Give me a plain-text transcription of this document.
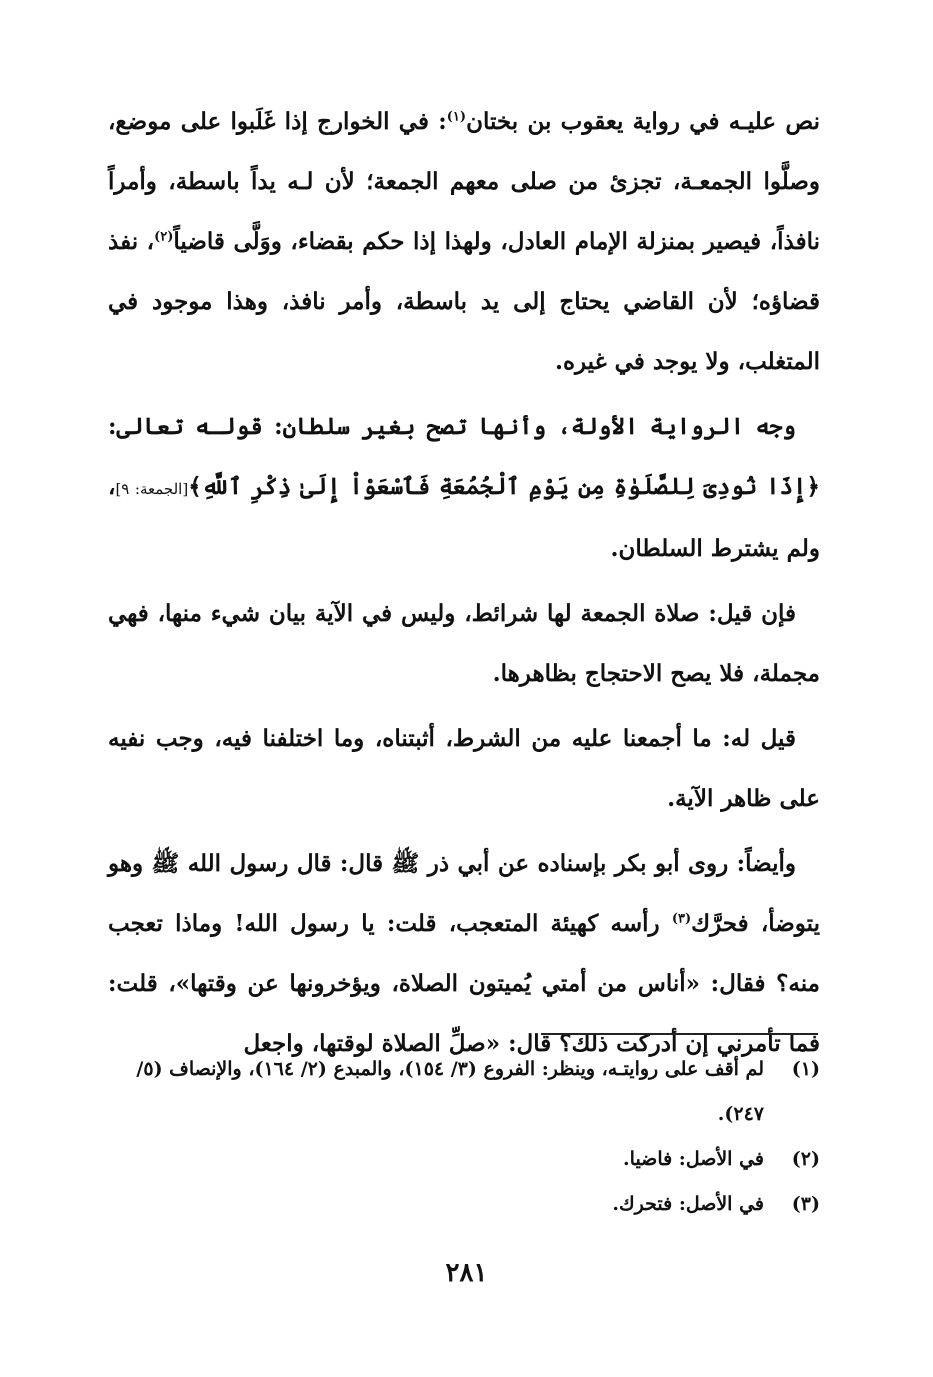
نص عليـه في رواية يعقوب بن بختان$^{(١)}$: في الخوارج إذا غَلَبوا على موضع، وصلَّوا الجمعـة، تجزئ من صلى معهم الجمعة؛ لأن لـه يداً باسطة، وأمراً نافذاً، فيصير بمنزلة الإمام العادل، ولهذا إذا حكم بقضاء، ووَلَّى قاضياً$^{(٢)}$، نفذ قضاؤه؛ لأن القاضي يحتاج إلى يد باسطة، وأمر نافذ، وهذا موجود في المتغلب، ولا يوجد في غيره.

وجه الرواية الأولة، وأنها تصح بغير سلطان: قولـه تعالى: ﴿إِذَا نُودِىَ لِلصَّلَوٰةِ مِن يَوْمِ ٱلْجُمُعَةِ فَٱسْعَوْاْ إِلَىٰ ذِكْرِ ٱللَّهِ﴾[الجمعة: ٩]، ولم يشترط السلطان.

فإن قيل: صلاة الجمعة لها شرائط، وليس في الآية بيان شيء منها، فهي مجملة، فلا يصح الاحتجاج بظاهرها.

قيل له: ما أجمعنا عليه من الشرط، أثبتناه، وما اختلفنا فيه، وجب نفيه على ظاهر الآية.

وأيضاً: روى أبو بكر بإسناده عن أبي ذر ﷺ قال: قال رسول الله ﷺ وهو يتوضأ، فحرَّك$^{(٣)}$ رأسه كهيئة المتعجب، قلت: يا رسول الله! وماذا تعجب منه؟ فقال: «أناس من أمتي يُميتون الصلاة، ويؤخرونها عن وقتها»، قلت: فما تأمرني إن أدركت ذلك؟ قال: «صلِّ الصلاة لوقتها، واجعل

(١)
لم أقف على روايتـه، وينظر: الفروع (٣/ ١٥٤)، والمبدع (٢/ ١٦٤)، والإنصاف (٥/ ٢٤٧).
(٢)
في الأصل: فاضيا.
(٣)
في الأصل: فتحرك.
٢٨١
